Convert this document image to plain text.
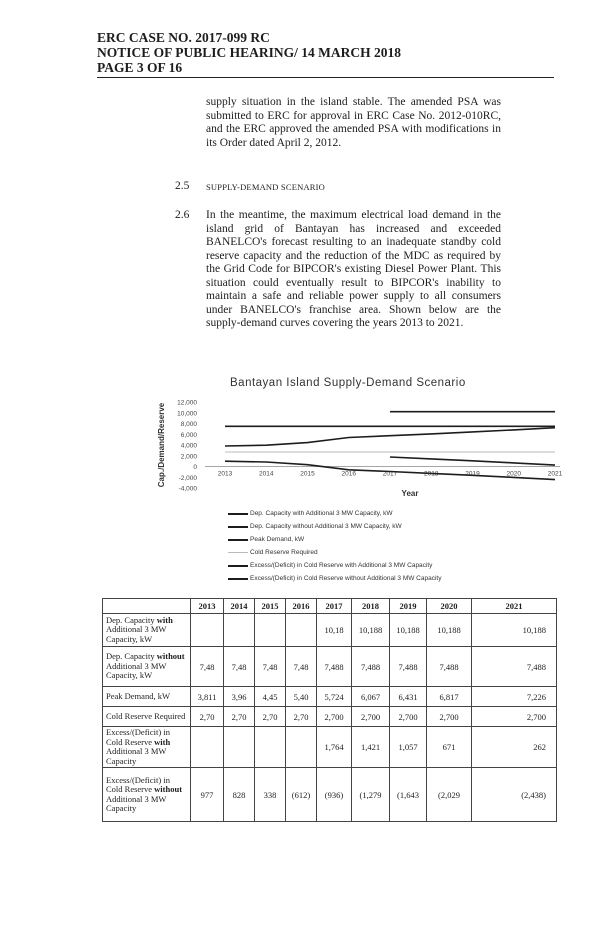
ERC CASE NO. 2017-099 RC
NOTICE OF PUBLIC HEARING/ 14 MARCH 2018
PAGE 3 OF 16
supply situation in the island stable. The amended PSA was submitted to ERC for approval in ERC Case No. 2012-010RC, and the ERC approved the amended PSA with modifications in its Order dated April 2, 2012.
2.5 SUPPLY-DEMAND SCENARIO
2.6 In the meantime, the maximum electrical load demand in the island grid of Bantayan has increased and exceeded BANELCO's forecast resulting to an inadequate standby cold reserve capacity and the reduction of the MDC as required by the Grid Code for BIPCOR's existing Diesel Power Plant. This situation could eventually result to BIPCOR's inability to maintain a safe and reliable power supply to all consumers under BANELCO's franchise area. Shown below are the supply-demand curves covering the years 2013 to 2021.
Bantayan Island Supply-Demand Scenario
Cap./Demand/Reserve 12,000
10,000
8,000
6,000
4,000
2,000
0
-2,000
-4,000
2013	2014	2015	2016	2017	2018	2019	2020	2021
Year
Dep. Capacity with Additional 3 MW Capacity, kW
Dep. Capacity without Additional 3 MW Capacity, kW
Peak Demand, kW
Cold Reserve Required
Excess/(Deficit) in Cold Reserve with Additional 3 MW Capacity
Excess/(Deficit) in Cold Reserve without Additional 3 MW Capacity
	2013	2014	2015	2016	2017	2018	2019	2020	2021
Dep. Capacity with Additional 3 MW Capacity, kW					10,18	10,188	10,188	10,188	10,188
Dep. Capacity without Additional 3 MW Capacity, kW	7,48	7,48	7,48	7,48	7,488	7,488	7,488	7,488	7,488
Peak Demand, kW	3,811	3,96	4,45	5,40	5,724	6,067	6,431	6,817	7,226
Cold Reserve Required	2,70	2,70	2,70	2,70	2,700	2,700	2,700	2,700	2,700
Excess/(Deficit) in Cold Reserve with Additional 3 MW Capacity					1,764	1,421	1,057	671	262
Excess/(Deficit) in Cold Reserve without Additional 3 MW Capacity	977	828	338	(612)	(936)	(1,279	(1,643	(2,029	(2,438)
